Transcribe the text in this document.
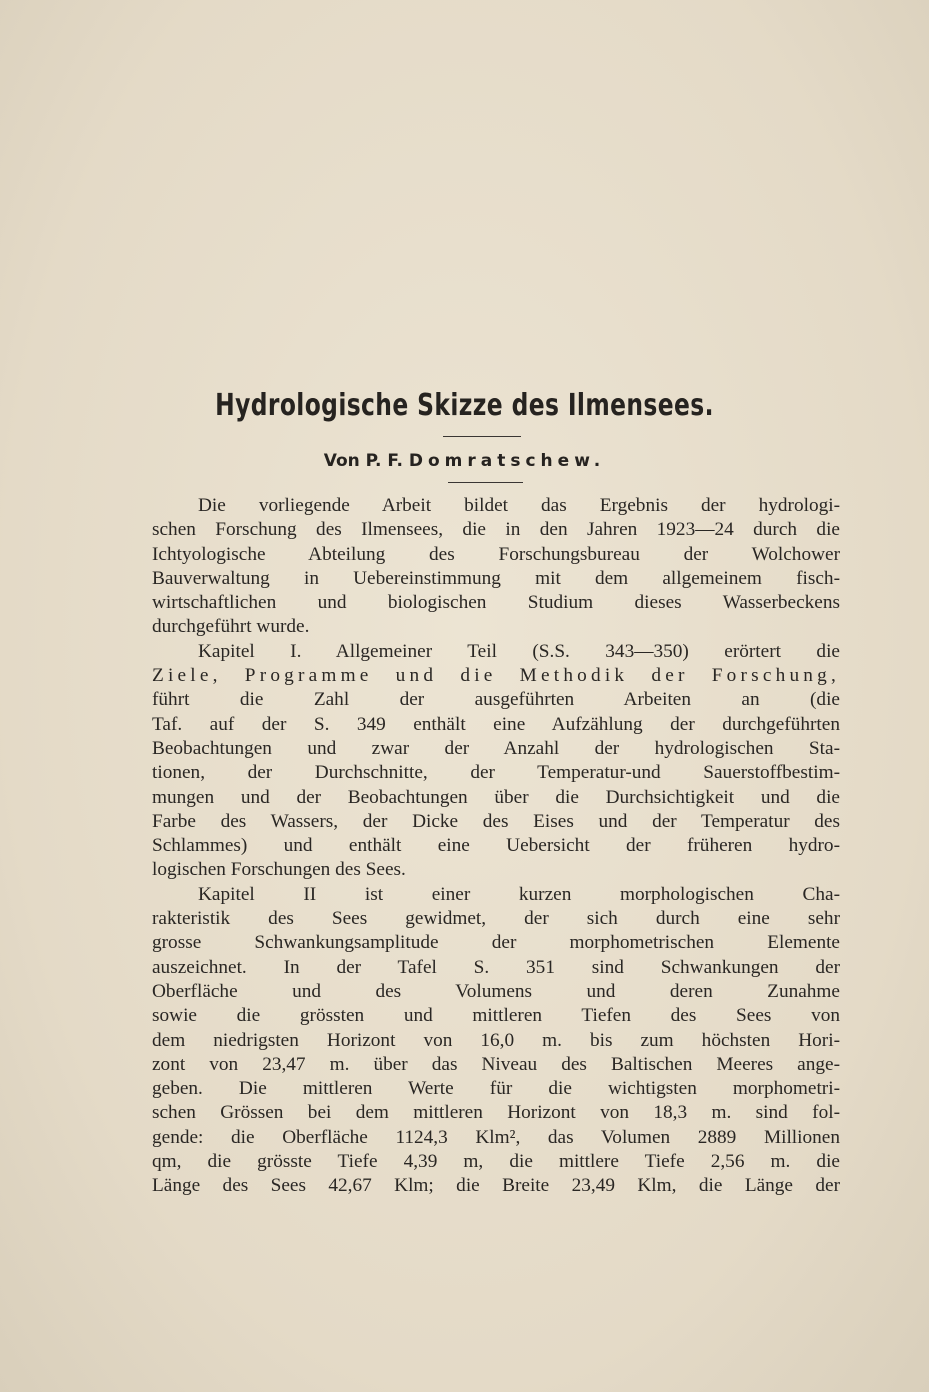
Hydrologische Skizze des Ilmensees.
Von P. F. Domratschew.
Die vorliegende Arbeit bildet das Ergebnis der hydrologi-
schen Forschung des Ilmensees, die in den Jahren 1923—24 durch die
Ichtyologische Abteilung des Forschungsbureau der Wolchower
Bauverwaltung in Uebereinstimmung mit dem allgemeinem fisch-
wirtschaftlichen und biologischen Studium dieses Wasserbeckens
durchgeführt wurde.
Kapitel I. Allgemeiner Teil (S.S. 343—350) erörtert die
Ziele, Programme und die Methodik der Forschung,
führt die Zahl der ausgeführten Arbeiten an (die
Taf. auf der S. 349 enthält eine Aufzählung der durchgeführten
Beobachtungen und zwar der Anzahl der hydrologischen Sta-
tionen, der Durchschnitte, der Temperatur-und Sauerstoffbestim-
mungen und der Beobachtungen über die Durchsichtigkeit und die
Farbe des Wassers, der Dicke des Eises und der Temperatur des
Schlammes) und enthält eine Uebersicht der früheren hydro-
logischen Forschungen des Sees.
Kapitel II ist einer kurzen morphologischen Cha-
rakteristik des Sees gewidmet, der sich durch eine sehr
grosse Schwankungsamplitude der morphometrischen Elemente
auszeichnet. In der Tafel S. 351 sind Schwankungen der
Oberfläche und des Volumens und deren Zunahme
sowie die grössten und mittleren Tiefen des Sees von
dem niedrigsten Horizont von 16,0 m. bis zum höchsten Hori-
zont von 23,47 m. über das Niveau des Baltischen Meeres ange-
geben. Die mittleren Werte für die wichtigsten morphometri-
schen Grössen bei dem mittleren Horizont von 18,3 m. sind fol-
gende: die Oberfläche 1124,3 Klm², das Volumen 2889 Millionen
qm, die grösste Tiefe 4,39 m, die mittlere Tiefe 2,56 m. die
Länge des Sees 42,67 Klm; die Breite 23,49 Klm, die Länge der
